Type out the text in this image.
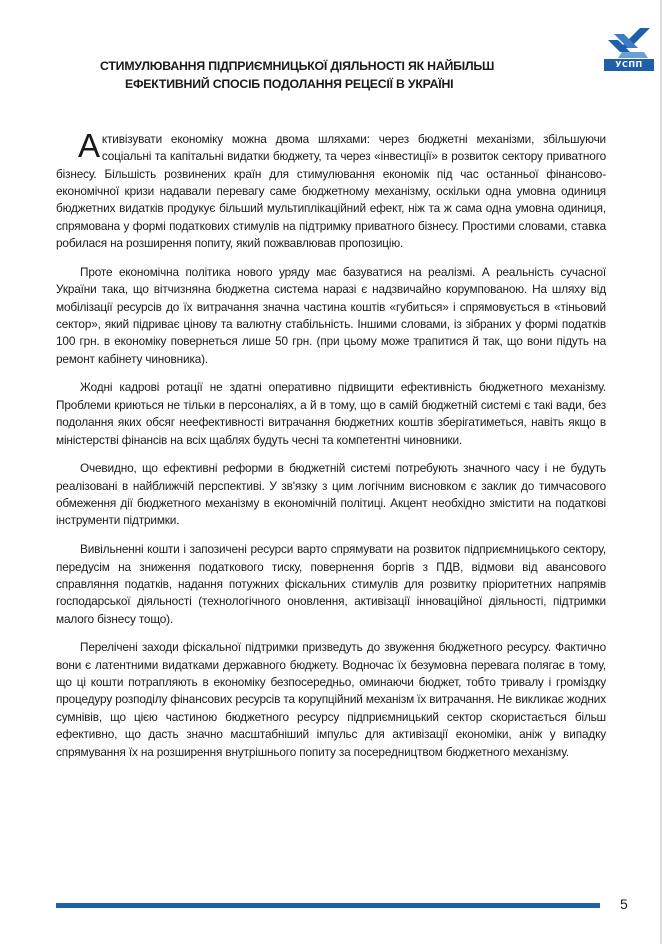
УСПП
СТИМУЛЮВАННЯ ПІДПРИЄМНИЦЬКОЇ ДІЯЛЬНОСТІ ЯК НАЙБІЛЬШ
ЕФЕКТИВНИЙ СПОСІБ ПОДОЛАННЯ РЕЦЕСІЇ В УКРАЇНІ

Активізувати економіку можна двома шляхами: через бюджетні механізми, збільшуючи соціальні та капітальні видатки бюджету, та через «інвестиції» в розвиток сектору приватного бізнесу. Більшість розвинених країн для стимулювання економік під час останньої фінансово-економічної кризи надавали перевагу саме бюджетному механізму, оскільки одна умовна одиниця бюджетних видатків продукує більший мультиплікаційний ефект, ніж та ж сама одна умовна одиниця, спрямована у формі податкових стимулів на підтримку приватного бізнесу. Простими словами, ставка робилася на розширення попиту, який пожвавлював пропозицію.

Проте економічна політика нового уряду має базуватися на реалізмі. А реальність сучасної України така, що вітчизняна бюджетна система наразі є надзвичайно корумпованою. На шляху від мобілізації ресурсів до їх витрачання значна частина коштів «губиться» і спрямовується в «тіньовий сектор», який підриває цінову та валютну стабільність. Іншими словами, із зібраних у формі податків 100 грн. в економіку повернеться лише 50 грн. (при цьому може трапитися й так, що вони підуть на ремонт кабінету чиновника).

Жодні кадрові ротації не здатні оперативно підвищити ефективність бюджетного механізму. Проблеми криються не тільки в персоналіях, а й в тому, що в самій бюджетній системі є такі вади, без подолання яких обсяг неефективності витрачання бюджетних коштів зберігатиметься, навіть якщо в міністерстві фінансів на всіх щаблях будуть чесні та компетентні чиновники.

Очевидно, що ефективні реформи в бюджетній системі потребують значного часу і не будуть реалізовані в найближчій перспективі. У зв'язку з цим логічним висновком є заклик до тимчасового обмеження дії бюджетного механізму в економічній політиці. Акцент необхідно змістити на податкові інструменти підтримки.

Вивільненні кошти і запозичені ресурси варто спрямувати на розвиток підприємницького сектору, передусім на зниження податкового тиску, повернення боргів з ПДВ, відмови від авансового справляння податків, надання потужних фіскальних стимулів для розвитку пріоритетних напрямів господарської діяльності (технологічного оновлення, активізації інноваційної діяльності, підтримки малого бізнесу тощо).

Перелічені заходи фіскальної підтримки призведуть до звуження бюджетного ресурсу. Фактично вони є латентними видатками державного бюджету. Водночас їх безумовна перевага полягає в тому, що ці кошти потрапляють в економіку безпосередньо, оминаючи бюджет, тобто тривалу і громіздку процедуру розподілу фінансових ресурсів та корупційний механізм їх витрачання. Не викликає жодних сумнівів, що цією частиною бюджетного ресурсу підприємницький сектор скористається більш ефективно, що дасть значно масштабніший імпульс для активізації економіки, аніж у випадку спрямування їх на розширення внутрішнього попиту за посередництвом бюджетного механізму.

5
